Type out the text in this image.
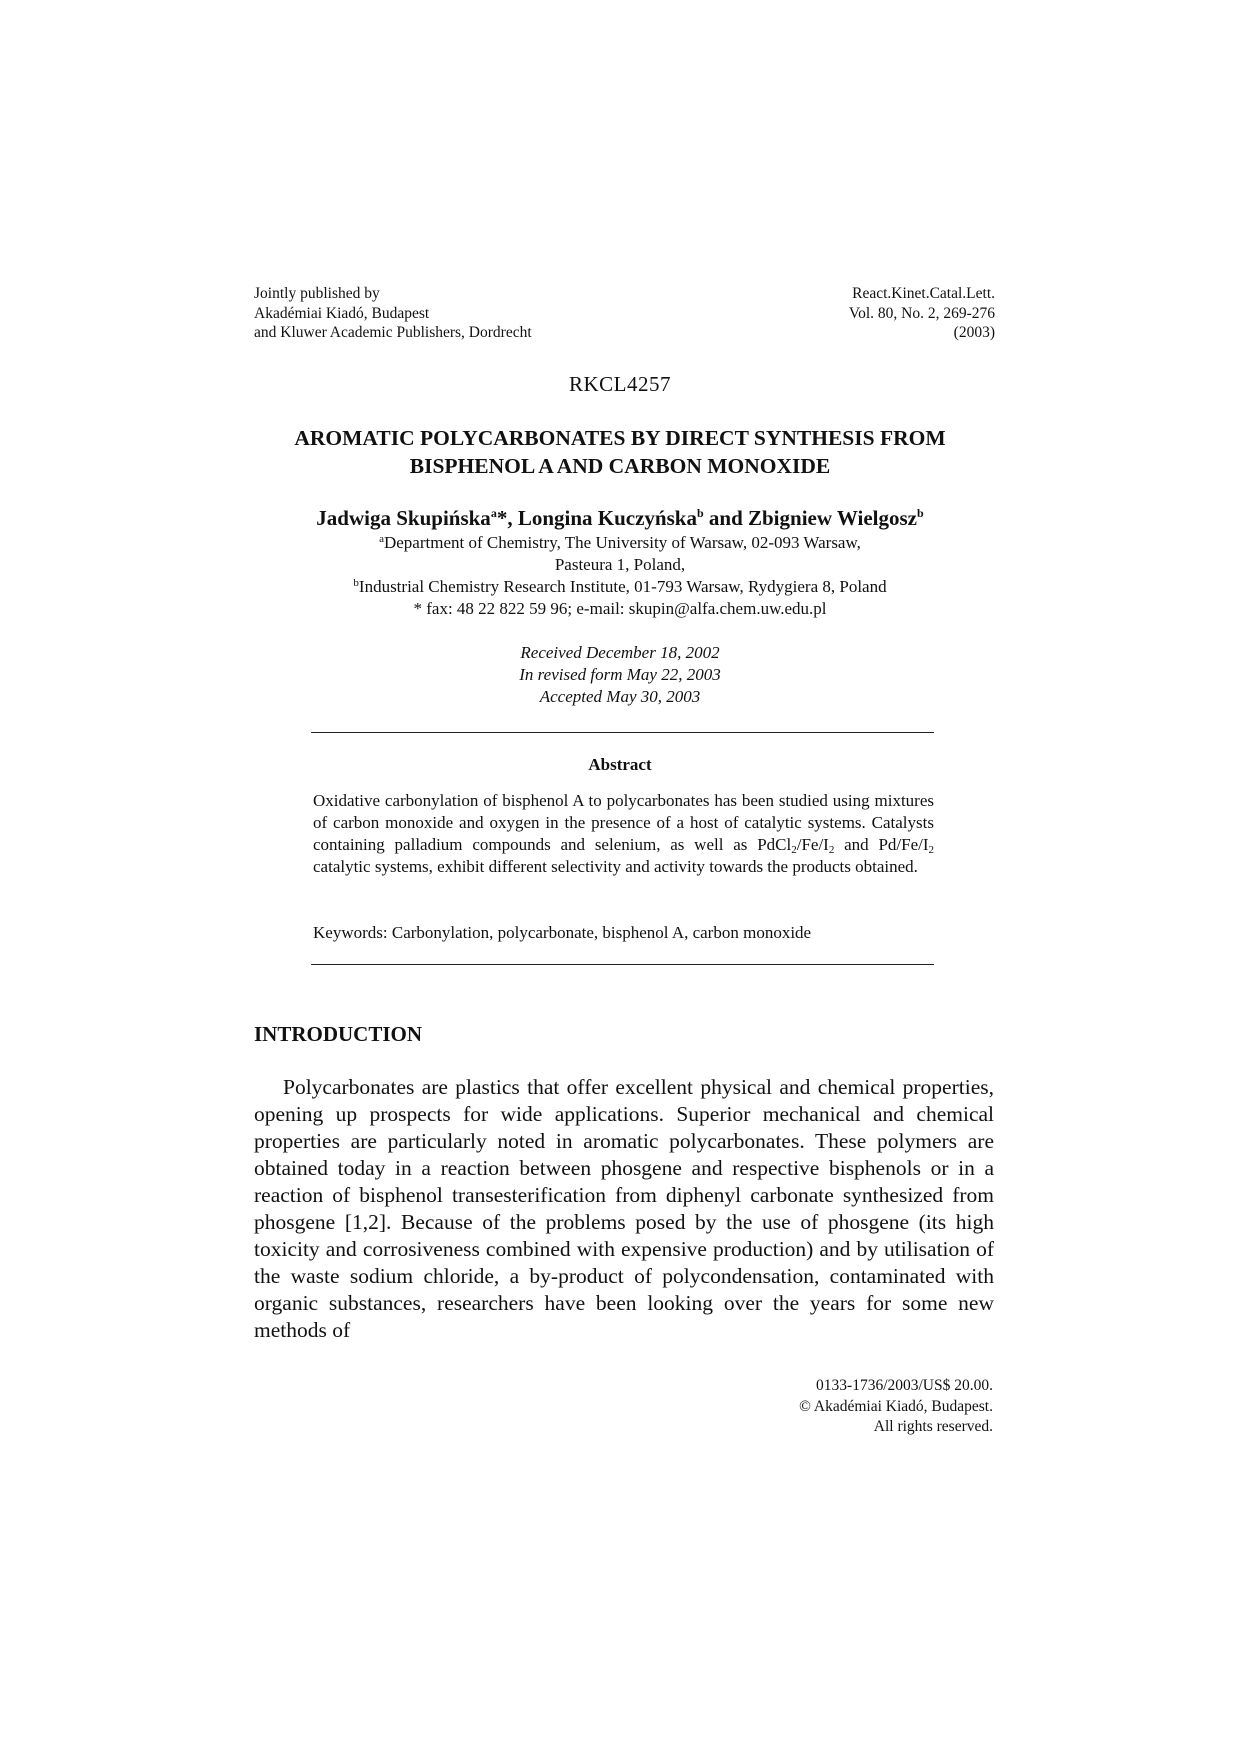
Jointly published by
Akadémiai Kiadó, Budapest
and Kluwer Academic Publishers, Dordrecht
React.Kinet.Catal.Lett.
Vol. 80, No. 2, 269-276
(2003)
RKCL4257
AROMATIC POLYCARBONATES BY DIRECT SYNTHESIS FROM
BISPHENOL A AND CARBON MONOXIDE
Jadwiga Skupińska$^a$*, Longina Kuczyńska$^b$ and Zbigniew Wielgosz$^b$
$^a$Department of Chemistry, The University of Warsaw, 02-093 Warsaw,
Pasteura 1, Poland,
$^b$Industrial Chemistry Research Institute, 01-793 Warsaw, Rydygiera 8, Poland
* fax: 48 22 822 59 96; e-mail: skupin@alfa.chem.uw.edu.pl
Received December 18, 2002
In revised form May 22, 2003
Accepted May 30, 2003
Abstract
Oxidative carbonylation of bisphenol A to polycarbonates has been studied using mixtures of carbon monoxide and oxygen in the presence of a host of catalytic systems. Catalysts containing palladium compounds and selenium, as well as $PdCl_2/Fe/I_2$ and $Pd/Fe/I_2$ catalytic systems, exhibit different selectivity and activity towards the products obtained.
Keywords: Carbonylation, polycarbonate, bisphenol A, carbon monoxide
INTRODUCTION
Polycarbonates are plastics that offer excellent physical and chemical properties, opening up prospects for wide applications. Superior mechanical and chemical properties are particularly noted in aromatic polycarbonates. These polymers are obtained today in a reaction between phosgene and respective bisphenols or in a reaction of bisphenol transesterification from diphenyl carbonate synthesized from phosgene [1,2]. Because of the problems posed by the use of phosgene (its high toxicity and corrosiveness combined with expensive production) and by utilisation of the waste sodium chloride, a by-product of polycondensation, contaminated with organic substances, researchers have been looking over the years for some new methods of
0133-1736/2003/US$ 20.00.
© Akadémiai Kiadó, Budapest.
All rights reserved.
